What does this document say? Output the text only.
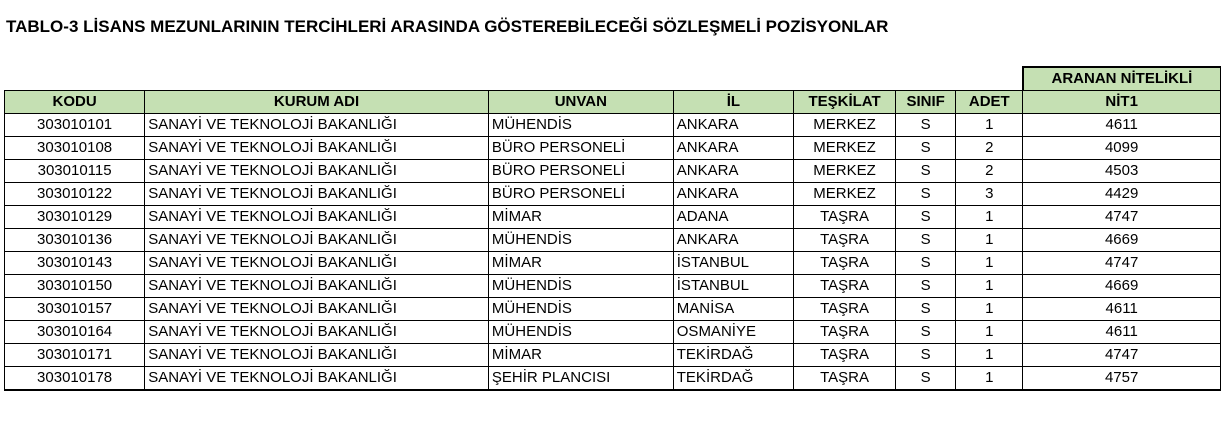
TABLO-3 LİSANS MEZUNLARININ TERCİHLERİ ARASINDA GÖSTEREBİLECEĞİ SÖZLEŞMELİ POZİSYONLAR
							ARANAN NİTELİKLİ
KODU	KURUM ADI	UNVAN	İL	TEŞKİLAT	SINIF	ADET	NİT1
303010101	SANAYİ VE TEKNOLOJİ BAKANLIĞI	MÜHENDİS	ANKARA	MERKEZ	S	1	4611
303010108	SANAYİ VE TEKNOLOJİ BAKANLIĞI	BÜRO PERSONELİ	ANKARA	MERKEZ	S	2	4099
303010115	SANAYİ VE TEKNOLOJİ BAKANLIĞI	BÜRO PERSONELİ	ANKARA	MERKEZ	S	2	4503
303010122	SANAYİ VE TEKNOLOJİ BAKANLIĞI	BÜRO PERSONELİ	ANKARA	MERKEZ	S	3	4429
303010129	SANAYİ VE TEKNOLOJİ BAKANLIĞI	MİMAR	ADANA	TAŞRA	S	1	4747
303010136	SANAYİ VE TEKNOLOJİ BAKANLIĞI	MÜHENDİS	ANKARA	TAŞRA	S	1	4669
303010143	SANAYİ VE TEKNOLOJİ BAKANLIĞI	MİMAR	İSTANBUL	TAŞRA	S	1	4747
303010150	SANAYİ VE TEKNOLOJİ BAKANLIĞI	MÜHENDİS	İSTANBUL	TAŞRA	S	1	4669
303010157	SANAYİ VE TEKNOLOJİ BAKANLIĞI	MÜHENDİS	MANİSA	TAŞRA	S	1	4611
303010164	SANAYİ VE TEKNOLOJİ BAKANLIĞI	MÜHENDİS	OSMANİYE	TAŞRA	S	1	4611
303010171	SANAYİ VE TEKNOLOJİ BAKANLIĞI	MİMAR	TEKİRDAĞ	TAŞRA	S	1	4747
303010178	SANAYİ VE TEKNOLOJİ BAKANLIĞI	ŞEHİR PLANCISI	TEKİRDAĞ	TAŞRA	S	1	4757
